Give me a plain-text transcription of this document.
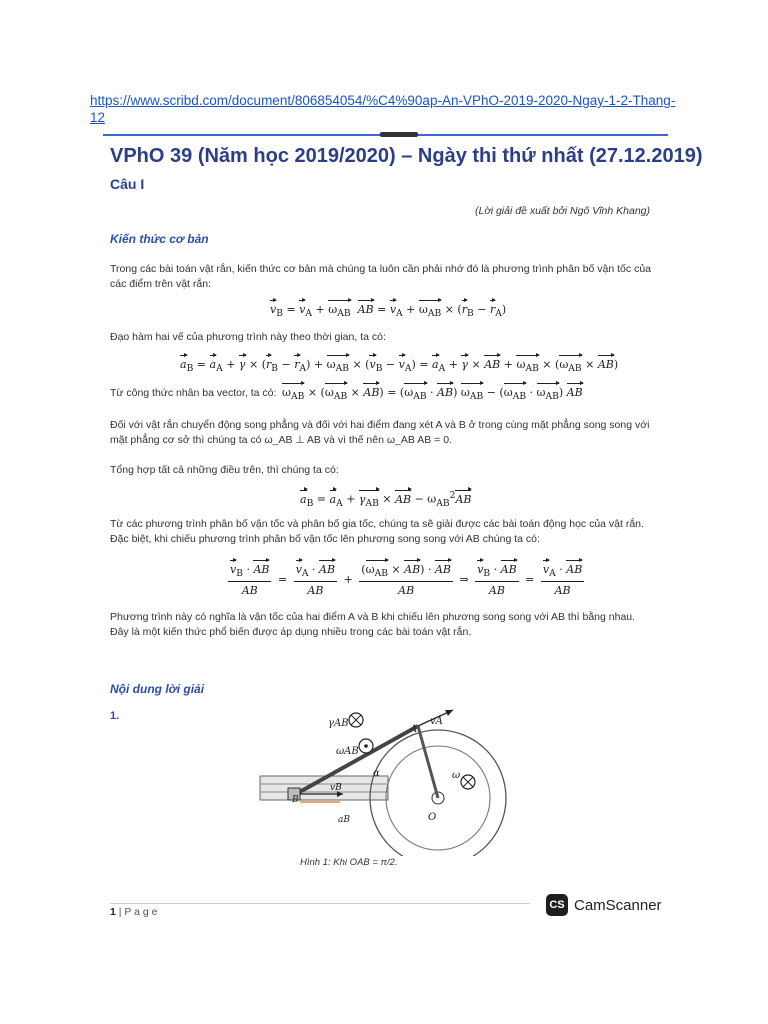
https://www.scribd.com/document/806854054/%C4%90ap-An-VPhO-2019-2020-Ngay-1-2-Thang-12
VPhO 39 (Năm học 2019/2020) – Ngày thi thứ nhất (27.12.2019)
Câu I
(Lời giải đề xuất bởi Ngô Vĩnh Khang)
Kiến thức cơ bản
Trong các bài toán vật rắn, kiến thức cơ bản mà chúng ta luôn cần phải nhớ đó là phương trình phân bố vận tốc của các điểm trên vật rắn:
$v_B = v_A + \omega_{AB}$ AB = $v_A + \omega_{AB} \times (r_B - r_A)$
Đạo hàm hai vế của phương trình này theo thời gian, ta có:
$a_B = a_A + \gamma \times (r_B - r_A) + \omega_{AB} \times (v_B - v_A) = a_A + \gamma$ × AB + $\omega_{AB} \times (\omega_{AB} \times AB)$
Từ công thức nhân ba vector, ta có: $\omega_{AB} \times (\omega_{AB} \times AB) = (\omega_{AB} \cdot AB) \omega_{AB} - (\omega_{AB} \cdot \omega_{AB})$ AB
Đối với vật rắn chuyển động song phẳng và đối với hai điểm đang xét A và B ở trong cùng mặt phẳng song song với mặt phẳng cơ sở thì chúng ta có ω_AB ⊥ AB và vì thế nên ω_AB AB = 0.
Tổng hợp tất cả những điều trên, thì chúng ta có:
$a_B = a_A + \gamma_{AB}$ × AB − $\omega_{AB}^2AB$
Từ các phương trình phân bố vận tốc và phân bố gia tốc, chúng ta sẽ giải được các bài toán động học của vật rắn. Đặc biệt, khi chiếu phương trình phân bố vận tốc lên phương song song với AB chúng ta có:
$\frac{v_B \cdot AB}{AB} = \frac{v_A \cdot AB}{AB} + \frac{(\omega_{AB} \times AB) \cdot AB}{AB}$ ⇒ $\frac{v_B \cdot AB}{AB} = \frac{v_A \cdot AB}{AB}$
Phương trình này có nghĩa là vận tốc của hai điểm A và B khi chiếu lên phương song song với AB thì bằng nhau. Đây là một kiến thức phổ biến được áp dụng nhiều trong các bài toán vật rắn.
Nội dung lời giải
1.
γAB
ωAB
A
vA
α	ω
B
vB
O
aB
Hình 1: Khi OAB = π/2.
1 | P a g e
CS CamScanner
